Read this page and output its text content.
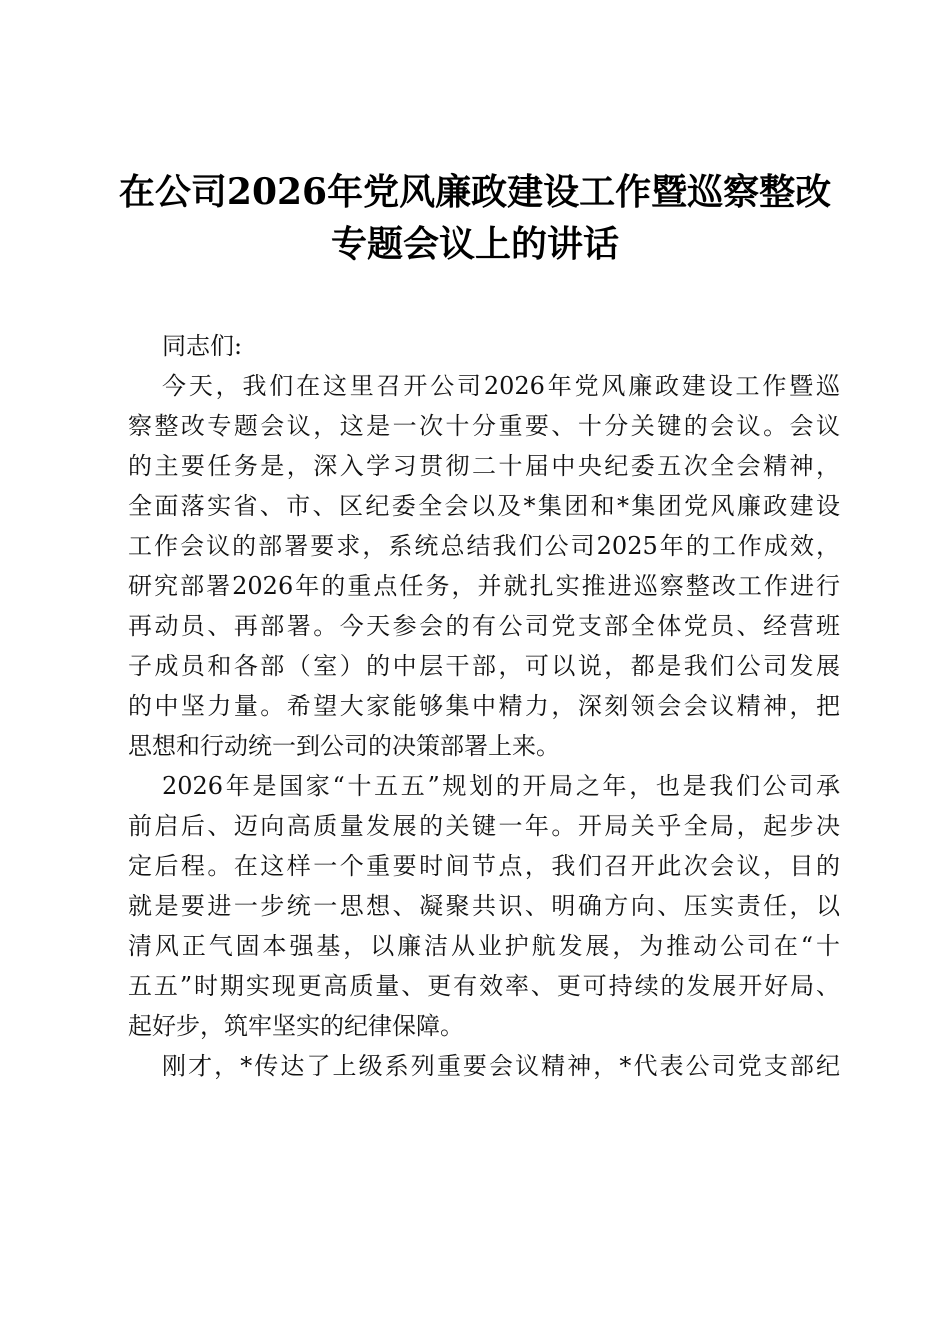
在公司2026年党风廉政建设工作暨巡察整改
专题会议上的讲话
同志们:
今天，我们在这里召开公司2026年党风廉政建设工作暨巡
察整改专题会议，这是一次十分重要、十分关键的会议。会议
的主要任务是，深入学习贯彻二十届中央纪委五次全会精神，
全面落实省、市、区纪委全会以及*集团和*集团党风廉政建设
工作会议的部署要求，系统总结我们公司2025年的工作成效，
研究部署2026年的重点任务，并就扎实推进巡察整改工作进行
再动员、再部署。今天参会的有公司党支部全体党员、经营班
子成员和各部（室）的中层干部，可以说，都是我们公司发展
的中坚力量。希望大家能够集中精力，深刻领会会议精神，把
思想和行动统一到公司的决策部署上来。
2026年是国家“十五五”规划的开局之年，也是我们公司承
前启后、迈向高质量发展的关键一年。开局关乎全局，起步决
定后程。在这样一个重要时间节点，我们召开此次会议，目的
就是要进一步统一思想、凝聚共识、明确方向、压实责任，以
清风正气固本强基，以廉洁从业护航发展，为推动公司在“十
五五”时期实现更高质量、更有效率、更可持续的发展开好局、
起好步，筑牢坚实的纪律保障。
刚才，*传达了上级系列重要会议精神，*代表公司党支部纪
